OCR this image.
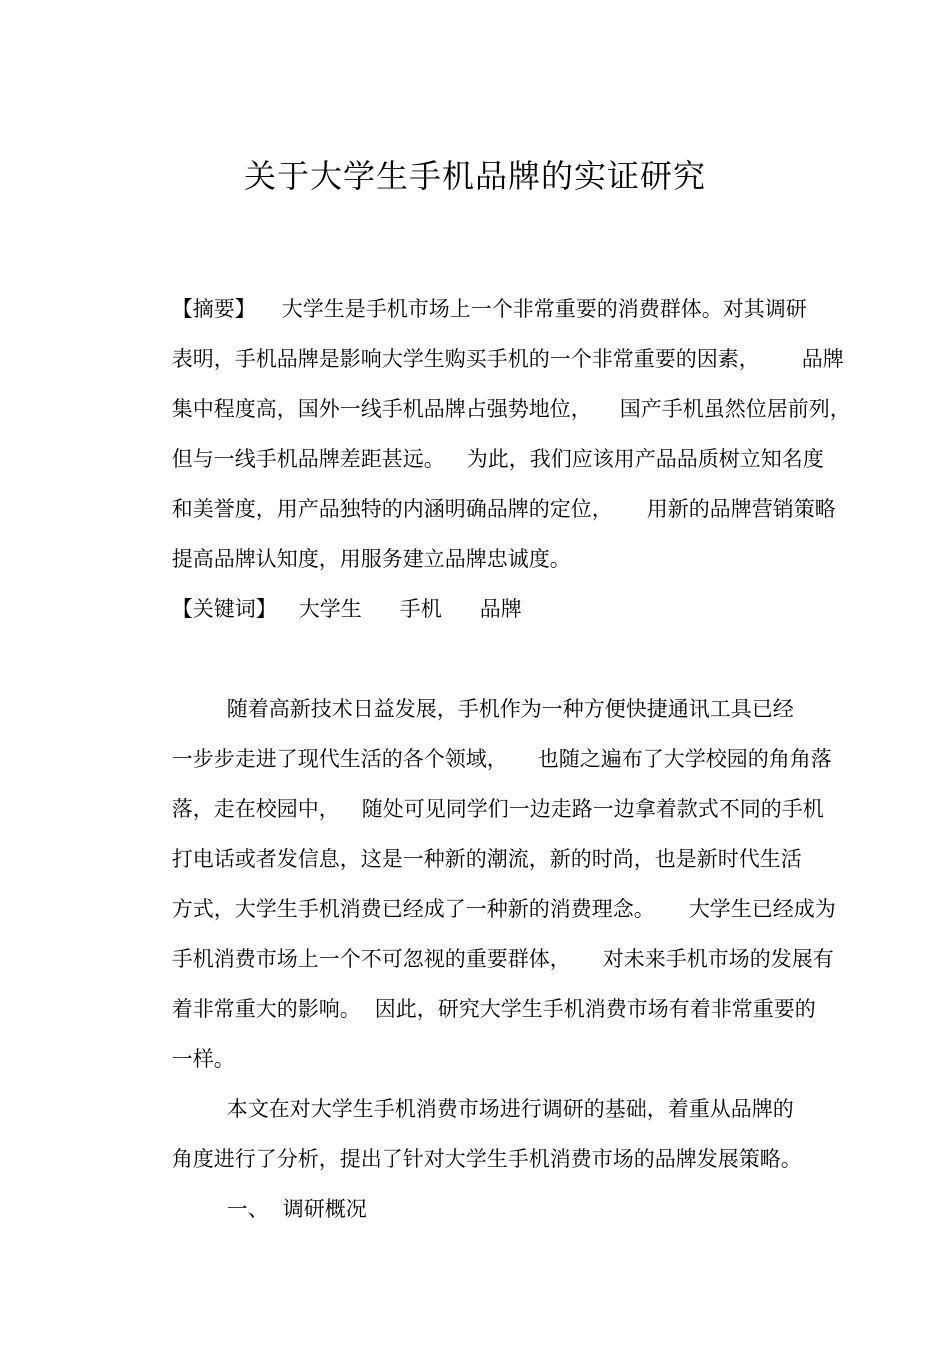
关于大学生手机品牌的实证研究

【摘要】 大学生是手机市场上一个非常重要的消费群体。对其调研

表明，手机品牌是影响大学生购买手机的一个非常重要的因素， 品牌

集中程度高，国外一线手机品牌占强势地位， 国产手机虽然位居前列，

但与一线手机品牌差距甚远。 为此，我们应该用产品品质树立知名度

和美誉度，用产品独特的内涵明确品牌的定位， 用新的品牌营销策略

提高品牌认知度，用服务建立品牌忠诚度。

【关键词】 大学生 手机 品牌

随着高新技术日益发展，手机作为一种方便快捷通讯工具已经

一步步走进了现代生活的各个领域， 也随之遍布了大学校园的角角落

落，走在校园中， 随处可见同学们一边走路一边拿着款式不同的手机

打电话或者发信息，这是一种新的潮流，新的时尚，也是新时代生活

方式，大学生手机消费已经成了一种新的消费理念。 大学生已经成为

手机消费市场上一个不可忽视的重要群体， 对未来手机市场的发展有

着非常重大的影响。 因此，研究大学生手机消费市场有着非常重要的

一样。

本文在对大学生手机消费市场进行调研的基础，着重从品牌的

角度进行了分析，提出了针对大学生手机消费市场的品牌发展策略。

一、 调研概况
